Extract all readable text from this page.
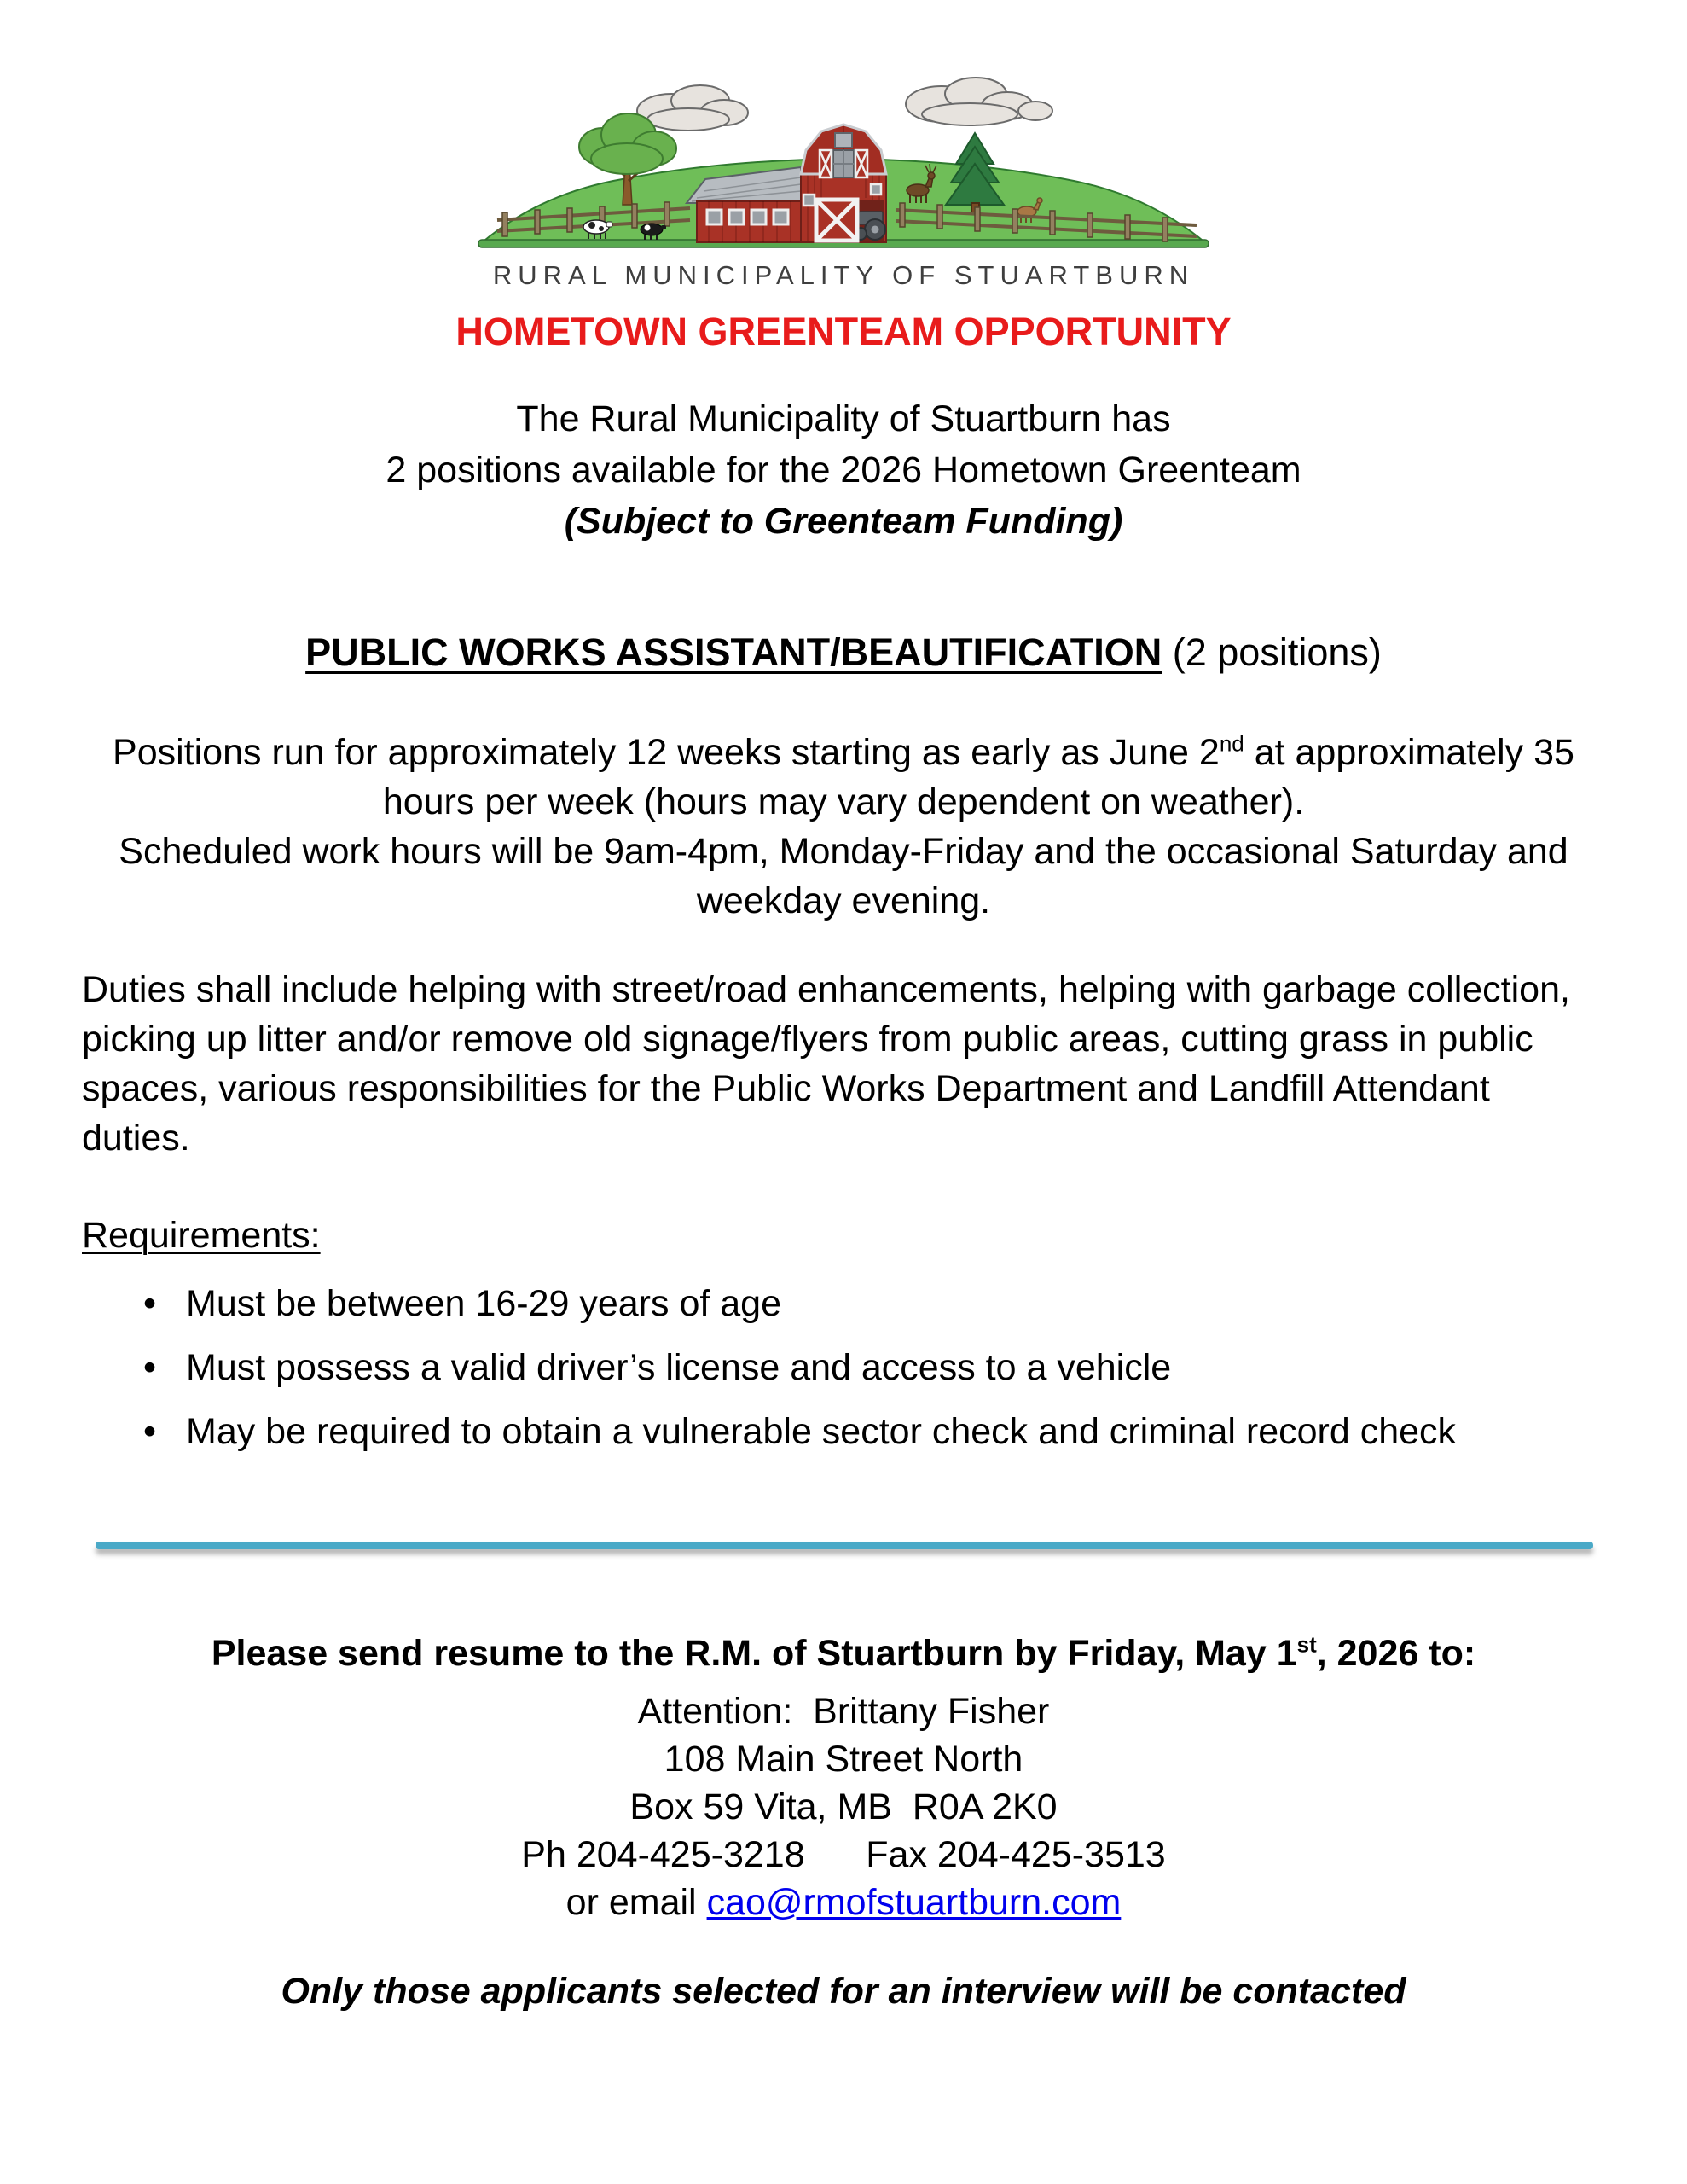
RURAL MUNICIPALITY OF STUARTBURN
HOMETOWN GREENTEAM OPPORTUNITY

The Rural Municipality of Stuartburn has

2 positions available for the 2026 Hometown Greenteam

(Subject to Greenteam Funding)

PUBLIC WORKS ASSISTANT/BEAUTIFICATION (2 positions)

Positions run for approximately 12 weeks starting as early as June 2nd at approximately 35 hours per week (hours may vary dependent on weather).

Scheduled work hours will be 9am-4pm, Monday-Friday and the occasional Saturday and weekday evening.

Duties shall include helping with street/road enhancements, helping with garbage collection, picking up litter and/or remove old signage/flyers from public areas, cutting grass in public spaces, various responsibilities for the Public Works Department and Landfill Attendant duties.

Requirements:
• Must be between 16-29 years of age
• Must possess a valid driver’s license and access to a vehicle
• May be required to obtain a vulnerable sector check and criminal record check

Please send resume to the R.M. of Stuartburn by Friday, May 1st, 2026 to:

Attention:  Brittany Fisher

108 Main Street North

Box 59 Vita, MB  R0A 2K0

Ph 204-425-3218      Fax 204-425-3513

or email cao@rmofstuartburn.com

Only those applicants selected for an interview will be contacted
